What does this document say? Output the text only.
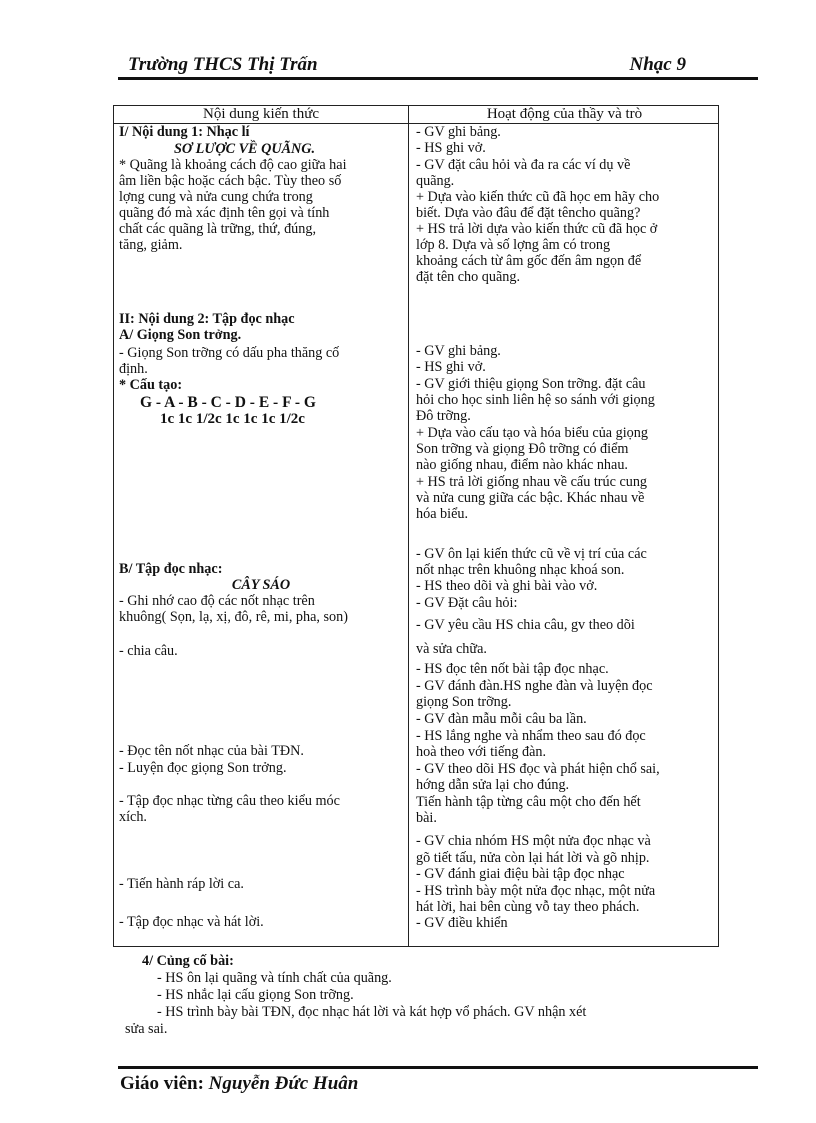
Trường THCS Thị Trấn	Nhạc 9
Nội dung kiến thức	Hoạt động của thầy và trò
I/ Nội dung 1: Nhạc lí
SƠ LƯỢC VỀ QUÃNG.
* Quãng là khoảng cách độ cao giữa hai
âm liền bậc hoặc cách bậc. Tùy theo số
lợng cung và nửa cung chứa trong
quãng đó mà xác định tên gọi và tính
chất các quãng là trững, thứ, đúng,
tăng, giảm.
- GV ghi bảng.
- HS ghi vở.
- GV đặt câu hỏi và đa ra các ví dụ về
quãng.
+ Dựa vào kiến thức cũ đã học em hãy cho
biết. Dựa vào đâu để đặt têncho quãng?
+ HS trả lời dựa vào kiến thức cũ đã học ở
lớp 8. Dựa và số lợng âm có trong
khoảng cách từ âm gốc đến âm ngọn để
đặt tên cho quãng.
II: Nội dung 2: Tập đọc nhạc
A/ Giọng Son trởng.
- Giọng Son trỡng có dấu pha thăng cố
định.
* Cấu tạo:
G - A - B - C - D - E - F - G
1c 1c 1/2c 1c 1c 1c 1/2c
- GV ghi bảng.
- HS ghi vở.
- GV giới thiệu giọng Son trỡng. đặt câu
hỏi cho học sinh liên hệ so sánh với giọng
Đô trỡng.
+ Dựa vào cấu tạo và hóa biểu của giọng
Son trỡng và giọng Đô trỡng có điểm
nào giống nhau, điểm nào khác nhau.
+ HS trả lời giống nhau về cấu trúc cung
và nửa cung giữa các bậc. Khác nhau về
hóa biểu.
B/ Tập đọc nhạc:
CÂY SÁO
- Ghi nhớ cao độ các nốt nhạc trên
khuông( Sọn, lạ, xị, đô, rê, mi, pha, son)
- chia câu.
- Đọc tên nốt nhạc của bài TĐN.
- Luyện đọc giọng Son trởng.
- Tập đọc nhạc từng câu theo kiểu móc
xích.
- Tiến hành ráp lời ca.
- Tập đọc nhạc và hát lời.
- GV ôn lại kiến thức cũ về vị trí của các
nốt nhạc trên khuông nhạc khoá son.
- HS theo dõi và ghi bài vào vở.
- GV Đặt câu hỏi:
- GV yêu cầu HS chia câu, gv theo dõi
và sửa chữa.
- HS đọc tên nốt bài tập đọc nhạc.
- GV đánh đàn.HS nghe đàn và luyện đọc
giọng Son trỡng.
- GV đàn mẫu mỗi câu ba lần.
- HS lắng nghe và nhẩm theo sau đó đọc
hoà theo với tiếng đàn.
- GV theo dõi HS đọc và phát hiện chổ sai,
hớng dẫn sửa lại cho đúng.
Tiến hành tập từng câu một cho đến hết
bài.
- GV chia nhóm HS một nửa đọc nhạc và
gõ tiết tấu, nửa còn lại hát lời và gõ nhịp.
- GV đánh giai điệu bài tập đọc nhạc
- HS trình bày một nửa đọc nhạc, một nửa
hát lời, hai bên cùng vỗ tay theo phách.
- GV điều khiển
4/ Củng cố bài:
- HS ôn lại quãng và tính chất của quãng.
- HS nhắc lại cấu giọng Son trỡng.
- HS trình bày bài TĐN, đọc nhạc hát lời và kát hợp vổ phách. GV nhận xét
sửa sai.
Giáo viên: Nguyễn Đức Huân
